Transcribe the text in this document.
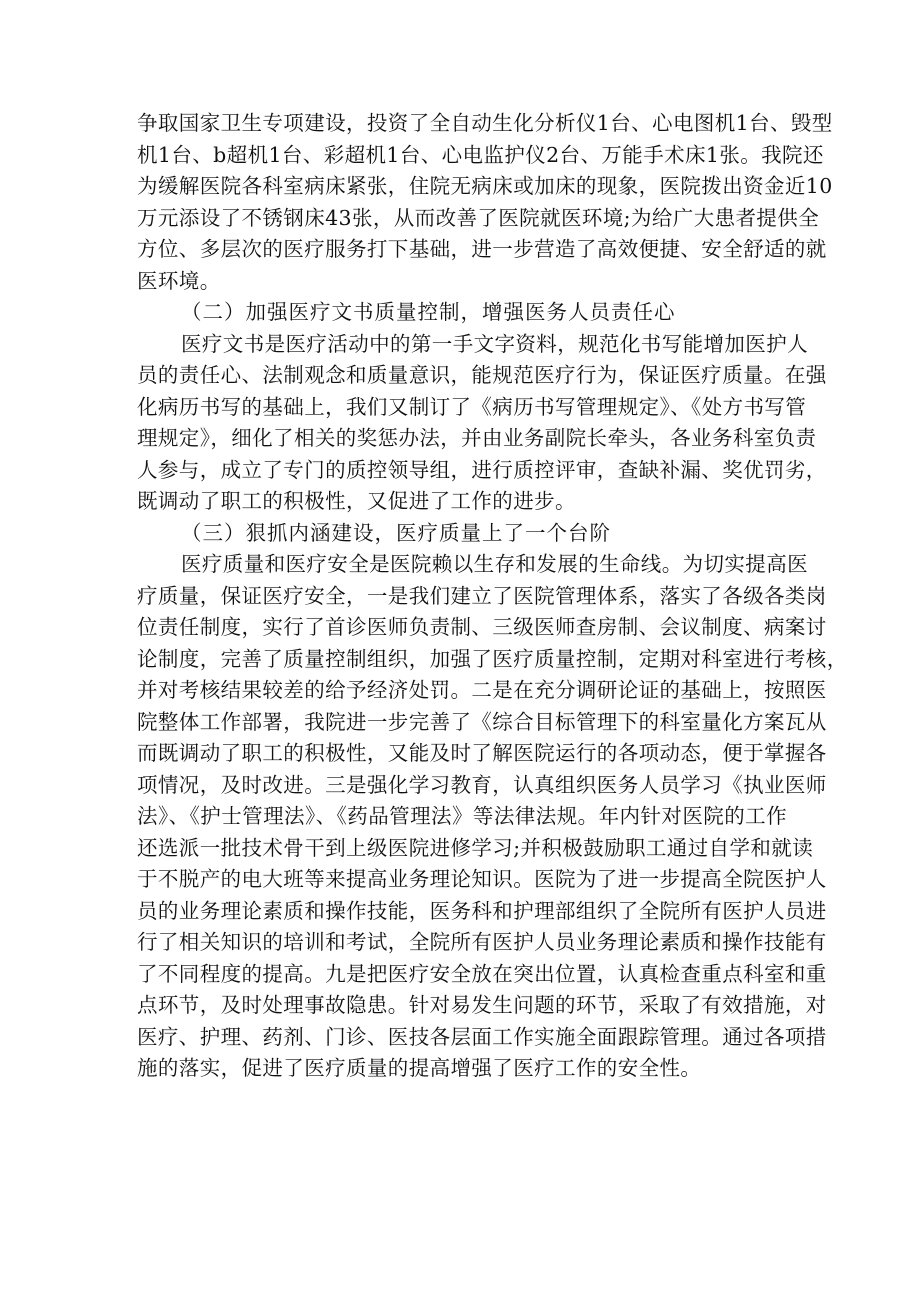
争取国家卫生专项建设，投资了全自动生化分析仪1台、心电图机1台、毁型
机1台、b超机1台、彩超机1台、心电监护仪2台、万能手术床1张。我院还
为缓解医院各科室病床紧张，住院无病床或加床的现象，医院拨出资金近10
万元添设了不锈钢床43张，从而改善了医院就医环境;为给广大患者提供全
方位、多层次的医疗服务打下基础，进一步营造了高效便捷、安全舒适的就
医环境。
（二）加强医疗文书质量控制，增强医务人员责任心
医疗文书是医疗活动中的第一手文字资料，规范化书写能增加医护人
员的责任心、法制观念和质量意识，能规范医疗行为，保证医疗质量。在强
化病历书写的基础上，我们又制订了《病历书写管理规定》、《处方书写管
理规定》，细化了相关的奖惩办法，并由业务副院长牵头，各业务科室负责
人参与，成立了专门的质控领导组，进行质控评审，查缺补漏、奖优罚劣，
既调动了职工的积极性，又促进了工作的进步。
（三）狠抓内涵建设，医疗质量上了一个台阶
医疗质量和医疗安全是医院赖以生存和发展的生命线。为切实提高医
疗质量，保证医疗安全，一是我们建立了医院管理体系，落实了各级各类岗
位责任制度，实行了首诊医师负责制、三级医师查房制、会议制度、病案讨
论制度，完善了质量控制组织，加强了医疗质量控制，定期对科室进行考核，
并对考核结果较差的给予经济处罚。二是在充分调研论证的基础上，按照医
院整体工作部署，我院进一步完善了《综合目标管理下的科室量化方案瓦从
而既调动了职工的积极性，又能及时了解医院运行的各项动态，便于掌握各
项情况，及时改进。三是强化学习教育，认真组织医务人员学习《执业医师
法》、《护士管理法》、《药品管理法》等法律法规。年内针对医院的工作
还选派一批技术骨干到上级医院进修学习;并积极鼓励职工通过自学和就读
于不脱产的电大班等来提高业务理论知识。医院为了进一步提高全院医护人
员的业务理论素质和操作技能，医务科和护理部组织了全院所有医护人员进
行了相关知识的培训和考试，全院所有医护人员业务理论素质和操作技能有
了不同程度的提高。九是把医疗安全放在突出位置，认真检查重点科室和重
点环节，及时处理事故隐患。针对易发生问题的环节，采取了有效措施，对
医疗、护理、药剂、门诊、医技各层面工作实施全面跟踪管理。通过各项措
施的落实，促进了医疗质量的提高增强了医疗工作的安全性。
